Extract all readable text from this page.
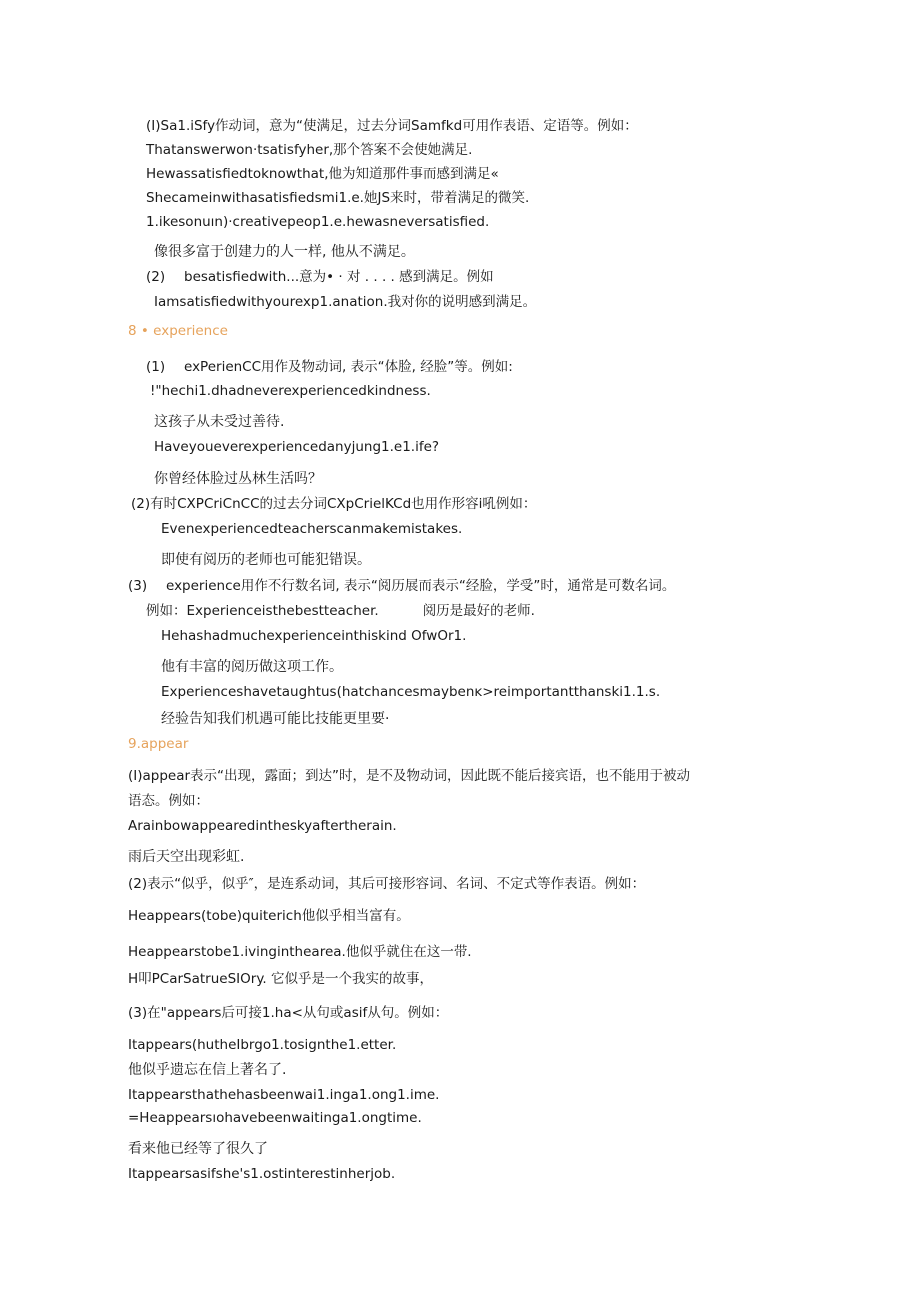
(I)Sa1.iSfy作动词，意为“使满足，过去分词Samfkd可用作表语、定语等。例如：
Thatanswerwon·tsatisfyher,那个答案不会使她满足.
Hewassatisfiedtoknowthat,他为知道那件事而感到满足«
Shecameinwithasatisfiedsmi1.e.她JS来时，带着满足的微笑.
1.ikesonuın)·creativepeop1.e.hewasneversatisfied.
像很多富于创建力的人一样, 他从不满足。
(2) besatisfiedwith...意为• · 对 . . . . 感到满足。例如
Iamsatisfiedwithyourexp1.anation.我对你的说明感到满足。
8 • experience
(1) exPerienCC用作及物动词, 表示“体脸, 经脸”等。例如:
!"hechi1.dhadneverexperiencedkindness.
这孩子从未受过善待.
Haveyoueverexperiencedanyjung1.e1.ife?
你曾经体脸过丛林生活吗？
(2)有时CXPCriCnCC的过去分词CXpCrielKCd也用作形容i吼例如：
Evenexperiencedteacherscanmakemistakes.
即使有阅历的老师也可能犯错误。
(3) experience用作不行数名词, 表示“阅历展而表示“经脸，学受”时，通常是可数名词。
例如：Experienceisthebestteacher.	阅历是最好的老师.
Hehashadmuchexperienceinthiskind OfwOr1.
他有丰富的阅历做这项工作。
Experienceshavetaughtus(hatchancesmaybenĸ>reimportantthanski1.1.s.
经验告知我们机遇可能比技能更里要·
9.appear
(I)appear表示“出现，露面；到达”时，是不及物动词，因此既不能后接宾语，也不能用于被动
语态。例如：
Arainbowappearedintheskyaftertherain.
雨后天空出现彩虹.
(2)表示“似乎，似乎″，是连系动词，其后可接形容词、名词、不定式等作表语。例如：
Heappears(tobe)quiterich他似乎相当富有。
Heappearstobe1.ivinginthearea.他似乎就住在这一带.
H叩PCarSatrueSIOry. 它似乎是一个我实的故事，
(3)在"appears后可接1.ha<从句或asif从句。例如：
Itappears(hutheIbrgo1.tosignthe1.etter.
他似乎遗忘在信上著名了.
Itappearsthathehasbeenwai1.inga1.ong1.ime.
=Heappearsıohavebeenwaitinga1.ongtime.
看来他已经等了很久了
Itappearsasifshe's1.ostinterestinherjob.
